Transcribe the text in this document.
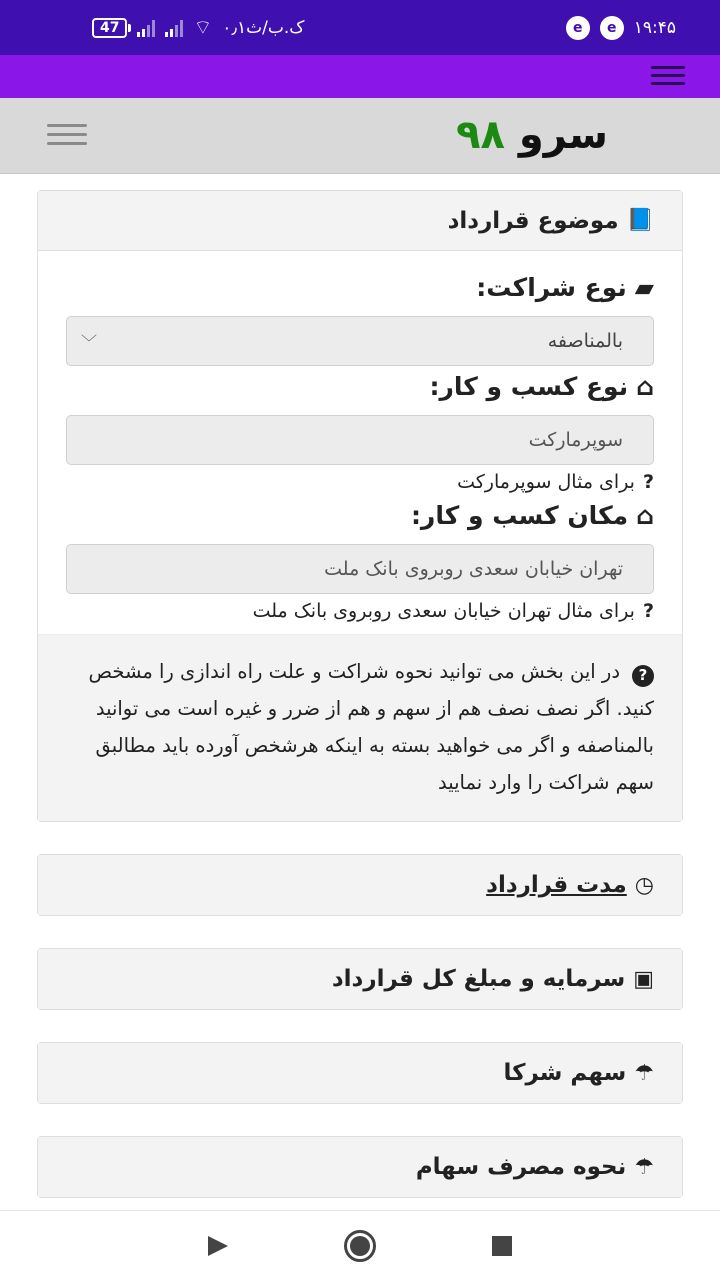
47	⌔ ۰٫۱ک.ب/ث	e	e	۱۹:۴۵
سرو ۹۸
📘
موضوع قرارداد
▰
نوع شراکت:
بالمناصفه
﹀
⌂
نوع کسب و کار:
سوپرمارکت
?
برای مثال سوپرمارکت
⌂
مکان کسب و کار:
تهران خیابان سعدی روبروی بانک ملت
?
برای مثال تهران خیابان سعدی روبروی بانک ملت
?در این بخش می توانید نحوه شراکت و علت راه اندازی را مشخص کنید. اگر نصف نصف هم از سهم و هم از ضرر و غیره است می توانید بالمناصفه و اگر می خواهید بسته به اینکه هرشخص آورده باید مطالبق سهم شراکت را وارد نمایید
◷
مدت قرارداد
▣
سرمایه و مبلغ کل قرارداد
☂
سهم شرکا
☂
نحوه مصرف سهام
